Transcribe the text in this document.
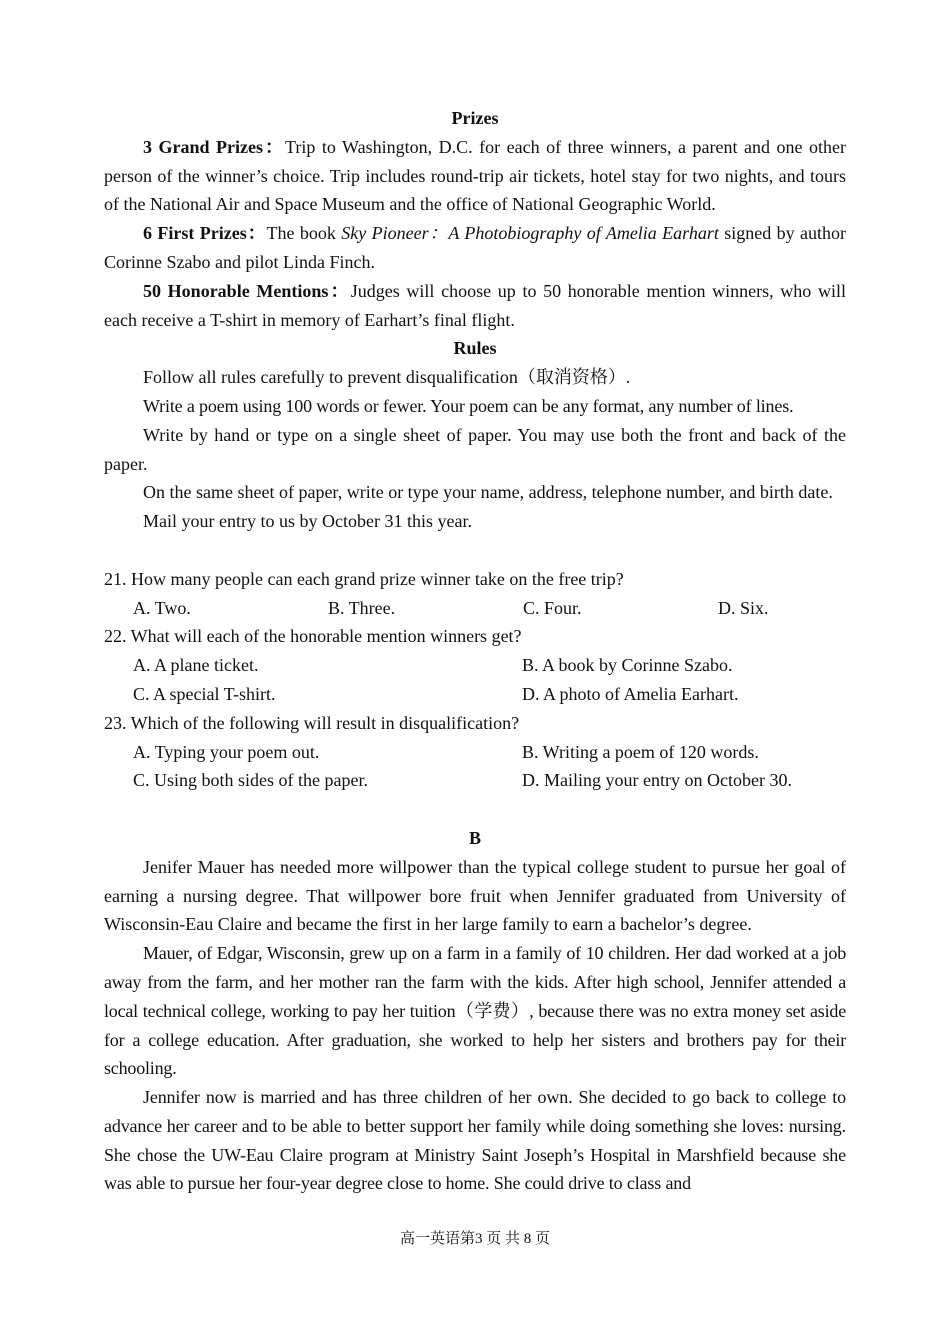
Prizes

3 Grand Prizes：Trip to Washington, D.C. for each of three winners, a parent and one other person of the winner’s choice. Trip includes round-trip air tickets, hotel stay for two nights, and tours of the National Air and Space Museum and the office of National Geographic World.

6 First Prizes：The book Sky Pioneer：A Photobiography of Amelia Earhart signed by author Corinne Szabo and pilot Linda Finch.

50 Honorable Mentions：Judges will choose up to 50 honorable mention winners, who will each receive a T-shirt in memory of Earhart’s final flight.

Rules

Follow all rules carefully to prevent disqualification（取消资格）.

Write a poem using 100 words or fewer. Your poem can be any format, any number of lines.

Write by hand or type on a single sheet of paper. You may use both the front and back of the paper.

On the same sheet of paper, write or type your name, address, telephone number, and birth date.

Mail your entry to us by October 31 this year.

21. How many people can each grand prize winner take on the free trip?

A. Two.	B. Three.	C. Four.	D. Six.

22. What will each of the honorable mention winners get?

A. A plane ticket.	B. A book by Corinne Szabo.
C. A special T-shirt.	D. A photo of Amelia Earhart.

23. Which of the following will result in disqualification?

A. Typing your poem out.	B. Writing a poem of 120 words.
C. Using both sides of the paper.	D. Mailing your entry on October 30.

B

Jenifer Mauer has needed more willpower than the typical college student to pursue her goal of earning a nursing degree. That willpower bore fruit when Jennifer graduated from University of Wisconsin-Eau Claire and became the first in her large family to earn a bachelor’s degree.

Mauer, of Edgar, Wisconsin, grew up on a farm in a family of 10 children. Her dad worked at a job away from the farm, and her mother ran the farm with the kids. After high school, Jennifer attended a local technical college, working to pay her tuition（学费）, because there was no extra money set aside for a college education. After graduation, she worked to help her sisters and brothers pay for their schooling.

Jennifer now is married and has three children of her own. She decided to go back to college to advance her career and to be able to better support her family while doing something she loves: nursing. She chose the UW-Eau Claire program at Ministry Saint Joseph’s Hospital in Marshfield because she was able to pursue her four-year degree close to home. She could drive to class and

高一英语第3 页 共 8 页
